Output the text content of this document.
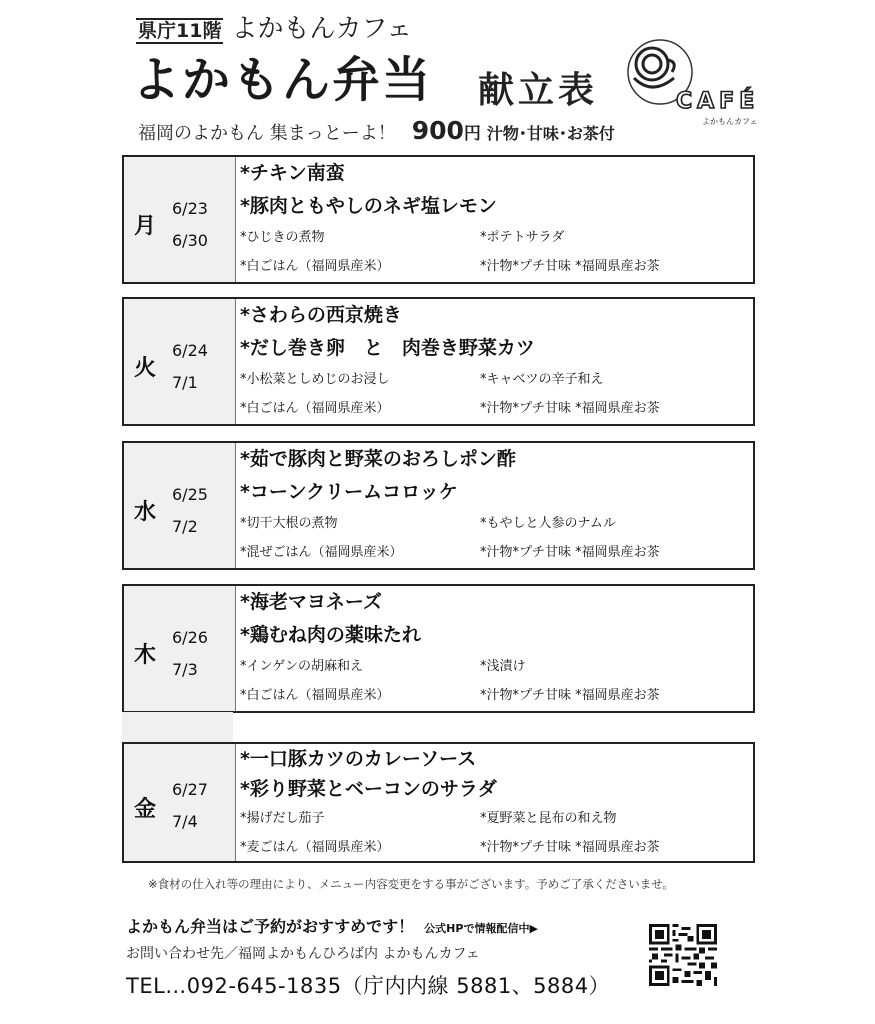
県庁11階 よかもんカフェ
よかもん弁当 献立表	CAFÉ
よかもんカフェ
福岡のよかもん 集まっとーよ！ 900 円 汁物･甘味･お茶付
月
6/23
6/30
*チキン南蛮
*豚肉ともやしのネギ塩レモン
*ひじきの煮物	*ポテトサラダ
*白ごはん（福岡県産米）	*汁物*プチ甘味 *福岡県産お茶
火
6/24
7/1
*さわらの西京焼き
*だし巻き卵　と　肉巻き野菜カツ
*小松菜としめじのお浸し	*キャベツの辛子和え
*白ごはん（福岡県産米）	*汁物*プチ甘味 *福岡県産お茶
水
6/25
7/2
*茹で豚肉と野菜のおろしポン酢
*コーンクリームコロッケ
*切干大根の煮物	*もやしと人参のナムル
*混ぜごはん（福岡県産米）	*汁物*プチ甘味 *福岡県産お茶
木
6/26
7/3
*海老マヨネーズ
*鶏むね肉の薬味たれ
*インゲンの胡麻和え	*浅漬け
*白ごはん（福岡県産米）	*汁物*プチ甘味 *福岡県産お茶
金
6/27
7/4
*一口豚カツのカレーソース
*彩り野菜とベーコンのサラダ
*揚げだし茄子	*夏野菜と昆布の和え物
*麦ごはん（福岡県産米）	*汁物*プチ甘味 *福岡県産お茶
※食材の仕入れ等の理由により、メニュー内容変更をする事がございます。予めご了承くださいませ。
よかもん弁当はご予約がおすすめです！ 公式HPで情報配信中▶
お問い合わせ先／福岡よかもんひろば内 よかもんカフェ
TEL…092-645-1835（庁内内線 5881、5884）
